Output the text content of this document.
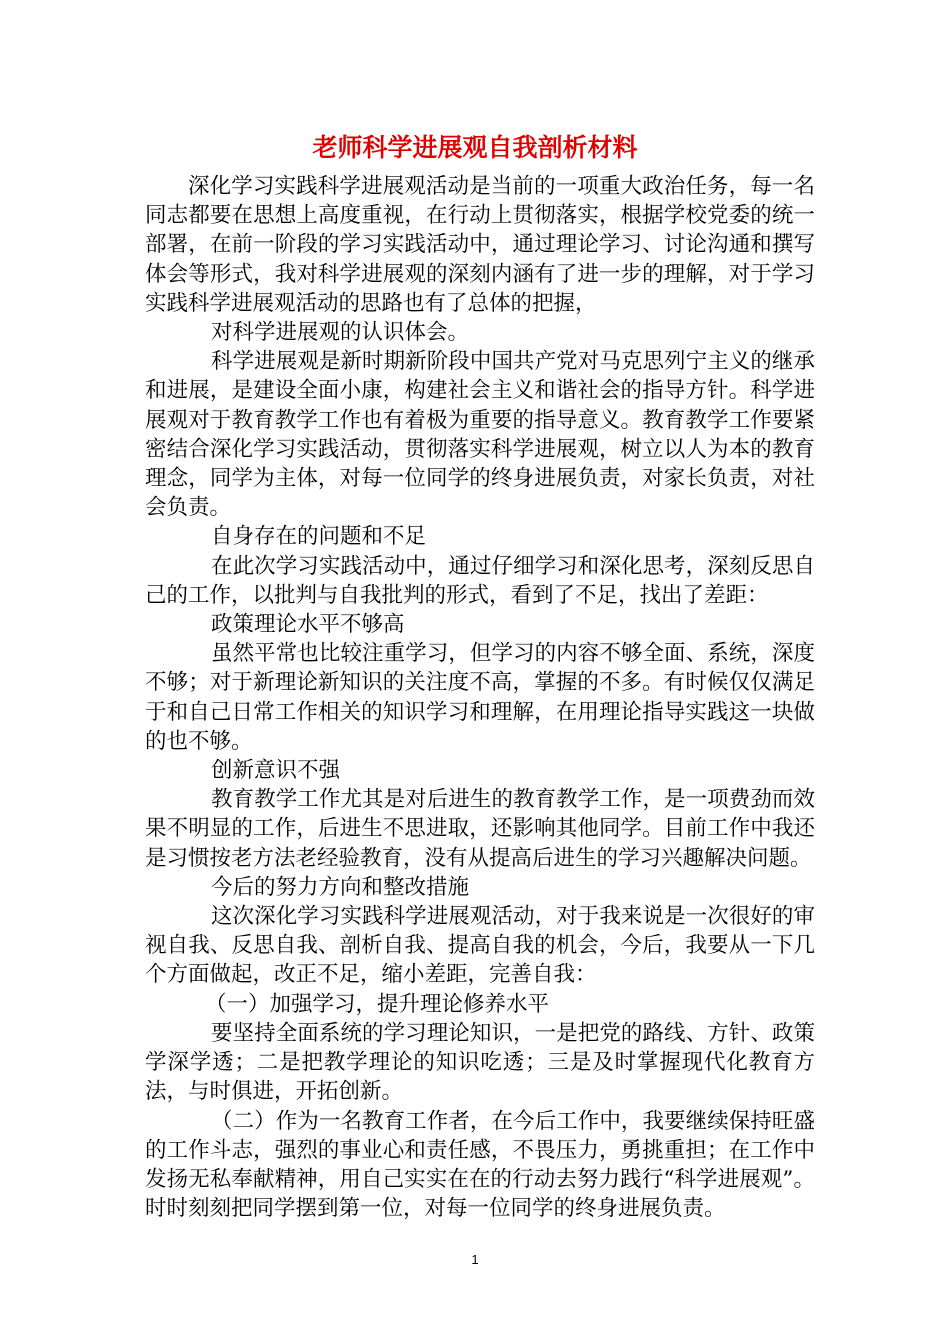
老师科学进展观自我剖析材料

深化学习实践科学进展观活动是当前的一项重大政治任务，每一名同志都要在思想上高度重视，在行动上贯彻落实，根据学校党委的统一部署，在前一阶段的学习实践活动中，通过理论学习、讨论沟通和撰写体会等形式，我对科学进展观的深刻内涵有了进一步的理解，对于学习实践科学进展观活动的思路也有了总体的把握，

对科学进展观的认识体会。

科学进展观是新时期新阶段中国共产党对马克思列宁主义的继承和进展，是建设全面小康，构建社会主义和谐社会的指导方针。科学进展观对于教育教学工作也有着极为重要的指导意义。教育教学工作要紧密结合深化学习实践活动，贯彻落实科学进展观，树立以人为本的教育理念，同学为主体，对每一位同学的终身进展负责，对家长负责，对社会负责。

自身存在的问题和不足

在此次学习实践活动中，通过仔细学习和深化思考，深刻反思自己的工作，以批判与自我批判的形式，看到了不足，找出了差距：

政策理论水平不够高

虽然平常也比较注重学习，但学习的内容不够全面、系统，深度不够；对于新理论新知识的关注度不高，掌握的不多。有时候仅仅满足于和自己日常工作相关的知识学习和理解，在用理论指导实践这一块做的也不够。

创新意识不强

教育教学工作尤其是对后进生的教育教学工作，是一项费劲而效果不明显的工作，后进生不思进取，还影响其他同学。目前工作中我还是习惯按老方法老经验教育，没有从提高后进生的学习兴趣解决问题。

今后的努力方向和整改措施

这次深化学习实践科学进展观活动，对于我来说是一次很好的审视自我、反思自我、剖析自我、提高自我的机会，今后，我要从一下几个方面做起，改正不足，缩小差距，完善自我：

（一）加强学习，提升理论修养水平

要坚持全面系统的学习理论知识，一是把党的路线、方针、政策学深学透；二是把教学理论的知识吃透；三是及时掌握现代化教育方法，与时俱进，开拓创新。

（二）作为一名教育工作者，在今后工作中，我要继续保持旺盛的工作斗志，强烈的事业心和责任感，不畏压力，勇挑重担；在工作中发扬无私奉献精神，用自己实实在在的行动去努力践行“科学进展观”。时时刻刻把同学摆到第一位，对每一位同学的终身进展负责。

1
